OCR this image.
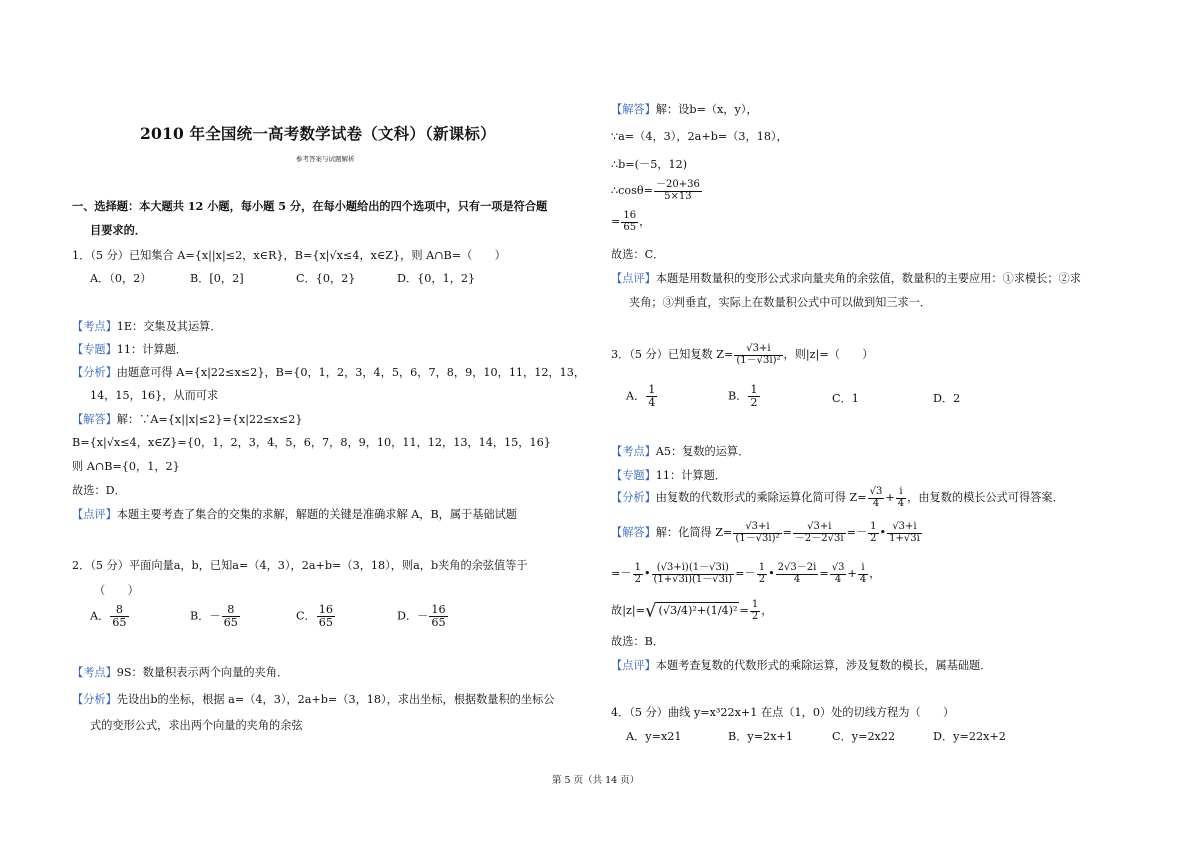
2010 年全国统一高考数学试卷（文科）（新课标）
参考答案与试题解析
一、选择题：本大题共 12 小题，每小题 5 分，在每小题给出的四个选项中，只有一项是符合题
目要求的．
1．（5 分）已知集合 A={x||x|≤2，x∈R}，B={x|√x≤4，x∈Z}，则 A∩B=（　　）
A．（0，2）	B．[0，2]	C．{0，2}	D．{0，1，2}
【考点】1E：交集及其运算．
【专题】11：计算题．
【分析】由题意可得 A={x|22≤x≤2}，B={0，1，2，3，4，5，6，7，8，9，10，11，12，13，
14，15，16}，从而可求
【解答】解：∵A={x||x|≤2}={x|22≤x≤2}
B={x|√x≤4，x∈Z}={0，1，2，3，4，5，6，7，8，9，10，11，12，13，14，15，16}
则 A∩B={0，1，2}
故选：D．
【点评】本题主要考查了集合的交集的求解，解题的关键是准确求解 A，B，属于基础试题
2．（5 分）平面向量a，b，已知a=（4，3），2a+b=（3，18），则a，b夹角的余弦值等于
（　　）
A． $\frac{8}{65}$	B．－ $\frac{8}{65}$	C． $\frac{16}{65}$	D．－ $\frac{16}{65}$
【考点】9S：数量积表示两个向量的夹角．
【分析】先设出b的坐标，根据 a=（4，3），2a+b=（3，18），求出坐标，根据数量积的坐标公
式的变形公式，求出两个向量的夹角的余弦
【解答】解：设b=（x，y），
∵a=（4，3），2a+b=（3，18），
∴b=(－5，12)
∴cosθ= $\frac{-20+36}{5\times 13}$
= $\frac{16}{65}$ ，
故选：C．
【点评】本题是用数量积的变形公式求向量夹角的余弦值，数量积的主要应用：①求模长；②求
夹角；③判垂直，实际上在数量积公式中可以做到知三求一．
3．（5 分）已知复数 $Z= \frac{√3+i}{\text{(1－√3i)²}}$ ，则|z|=（　　）
A． $\frac{1}{4}$	B． $\frac{1}{2}$	C．1	D．2
【考点】A5：复数的运算．
【专题】11：计算题．
【分析】由复数的代数形式的乘除运算化简可得 $Z= \frac{√3}{4} + \frac{i}{4}$ ，由复数的模长公式可得答案．
【解答】解：化简得 $Z= \frac{√3+i}{\text{(1－√3i)²}} = \frac{√3+i}{-2-2√3i} =- \frac{1}{2}$ • $\frac{√3+i}{1+√3i}$
=－ $\frac{1}{2}$ • $\frac{(√3+i)(1-√3i)}{(1+√3i)(1-√3i)} =- \frac{1}{2}$ • $\frac{2√3-2i}{4} = \frac{√3}{4} + \frac{i}{4}$ ，
故|z|=√ $(√3/4)^2+(1/4)^2 = \frac{1}{2}$ ，
故选：B．
【点评】本题考查复数的代数形式的乘除运算，涉及复数的模长，属基础题．
4．（5 分）曲线 y=x³22x+1 在点（1，0）处的切线方程为（　　）
A．y=x21	B．y=2x+1	C．y=2x22	D．y=22x+2
第 5 页（共 14 页）
